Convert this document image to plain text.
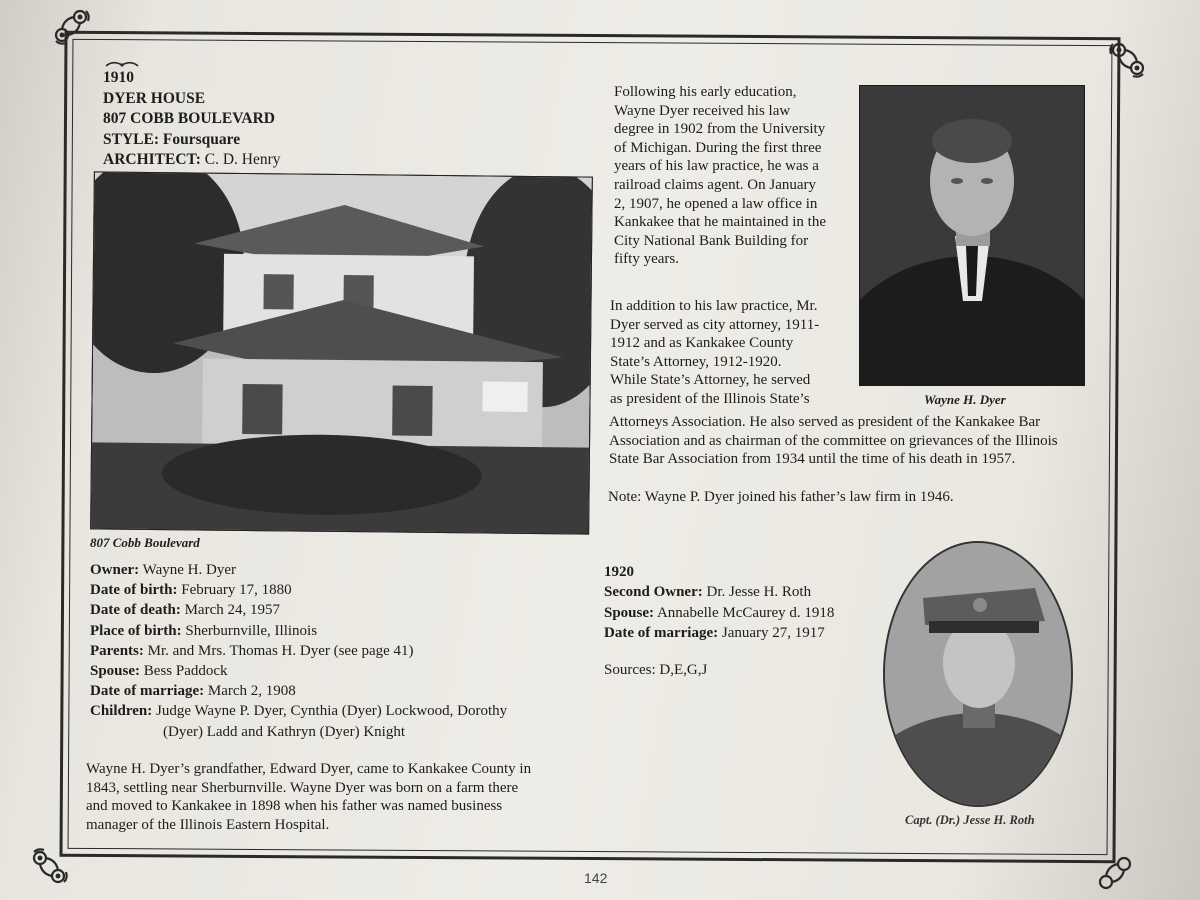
1910
DYER HOUSE
807 COBB BOULEVARD
STYLE: Foursquare
ARCHITECT: C. D. Henry
807 Cobb Boulevard
Owner: Wayne H. Dyer
Date of birth: February 17, 1880
Date of death: March 24, 1957
Place of birth: Sherburnville, Illinois
Parents: Mr. and Mrs. Thomas H. Dyer (see page 41)
Spouse: Bess Paddock
Date of marriage: March 2, 1908
Children: Judge Wayne P. Dyer, Cynthia (Dyer) Lockwood, Dorothy
(Dyer) Ladd and Kathryn (Dyer) Knight
Wayne H. Dyer’s grandfather, Edward Dyer, came to Kankakee County in
1843, settling near Sherburnville. Wayne Dyer was born on a farm there
and moved to Kankakee in 1898 when his father was named business
manager of the Illinois Eastern Hospital.
Following his early education,
Wayne Dyer received his law
degree in 1902 from the University
of Michigan. During the first three
years of his law practice, he was a
railroad claims agent. On January
2, 1907, he opened a law office in
Kankakee that he maintained in the
City National Bank Building for
fifty years.
In addition to his law practice, Mr.
Dyer served as city attorney, 1911-
1912 and as Kankakee County
State’s Attorney, 1912-1920.
While State’s Attorney, he served
as president of the Illinois State’s
Attorneys Association. He also served as president of the Kankakee Bar
Association and as chairman of the committee on grievances of the Illinois
State Bar Association from 1934 until the time of his death in 1957.
Note: Wayne P. Dyer joined his father’s law firm in 1946.
Wayne H. Dyer
1920
Second Owner: Dr. Jesse H. Roth
Spouse: Annabelle McCaurey d. 1918
Date of marriage: January 27, 1917
Sources: D,E,G,J
Capt. (Dr.) Jesse H. Roth
142
